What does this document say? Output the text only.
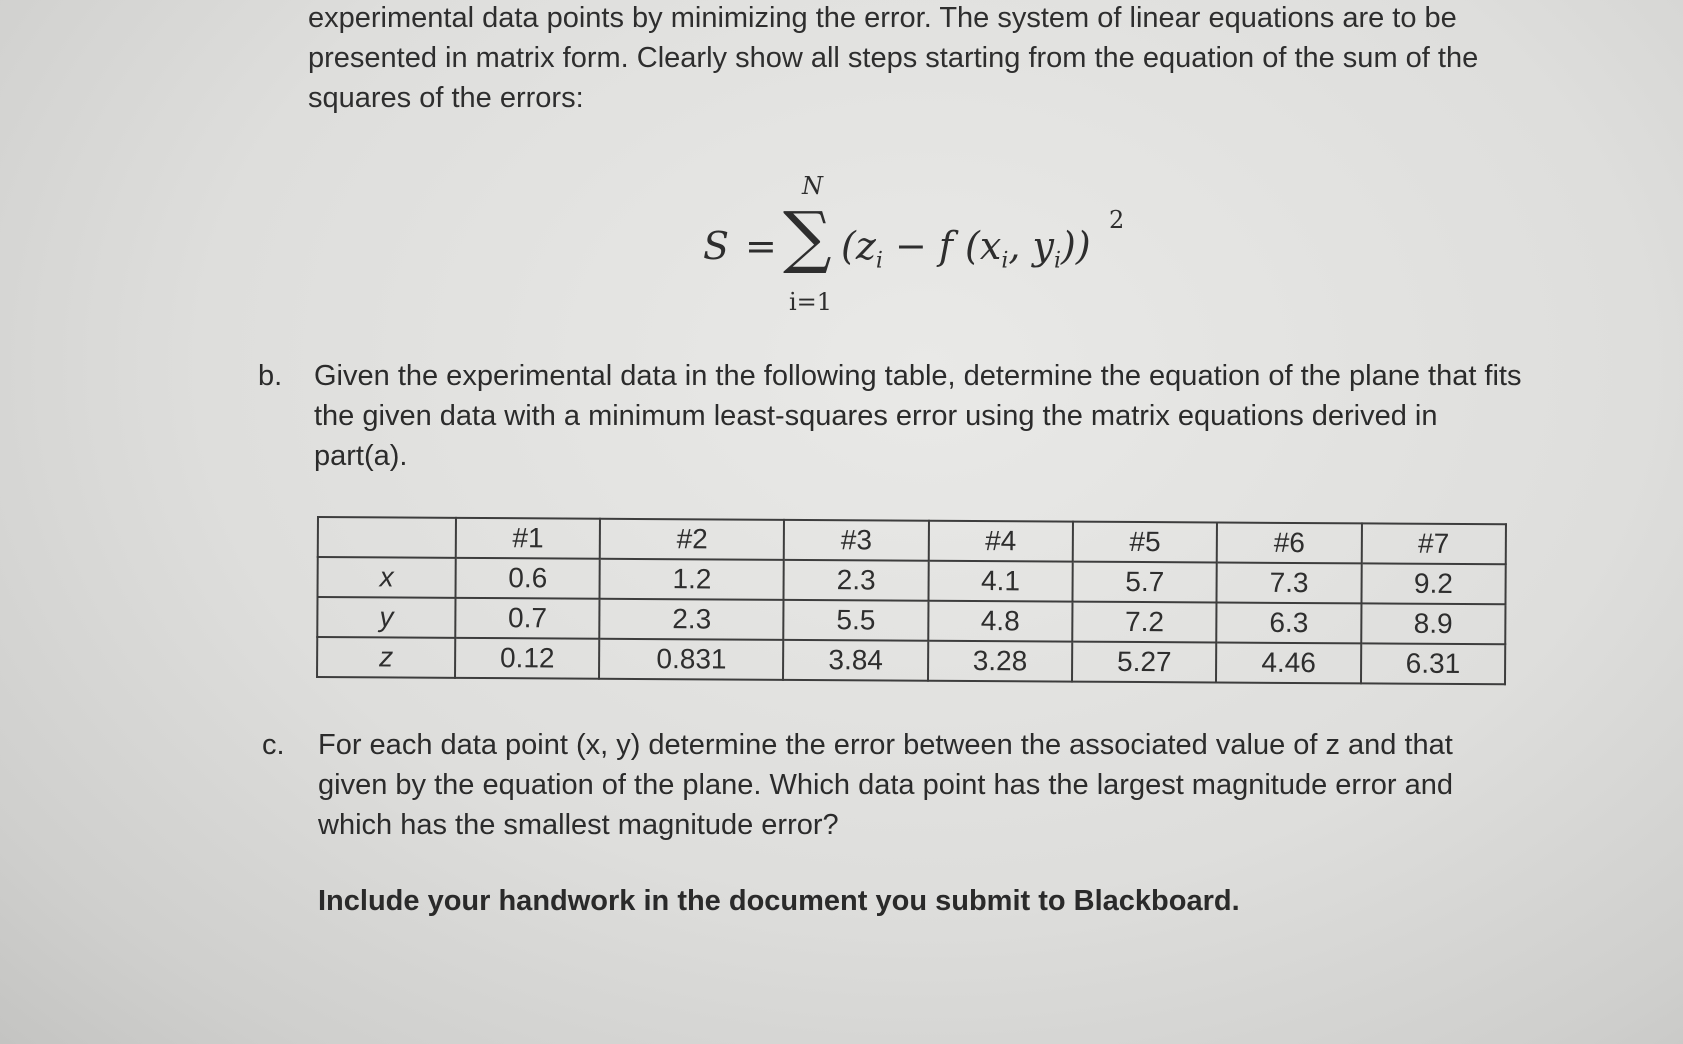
experimental data points by minimizing the error. The system of linear equations are to be presented in matrix form. Clearly show all steps starting from the equation of the sum of the squares of the errors:

S =
N
∑
i=1
($z_i - f$ ($x_i$, $y_i$))
2
b.	Given the experimental data in the following table, determine the equation of the plane that fits the given data with a minimum least-squares error using the matrix equations derived in part(a).

	#1	#2	#3	#4	#5	#6	#7
x	0.6	1.2	2.3	4.1	5.7	7.3	9.2
y	0.7	2.3	5.5	4.8	7.2	6.3	8.9
z	0.12	0.831	3.84	3.28	5.27	4.46	6.31
c.	For each data point (x, y) determine the error between the associated value of z and that given by the equation of the plane. Which data point has the largest magnitude error and which has the smallest magnitude error?

Include your handwork in the document you submit to Blackboard.
